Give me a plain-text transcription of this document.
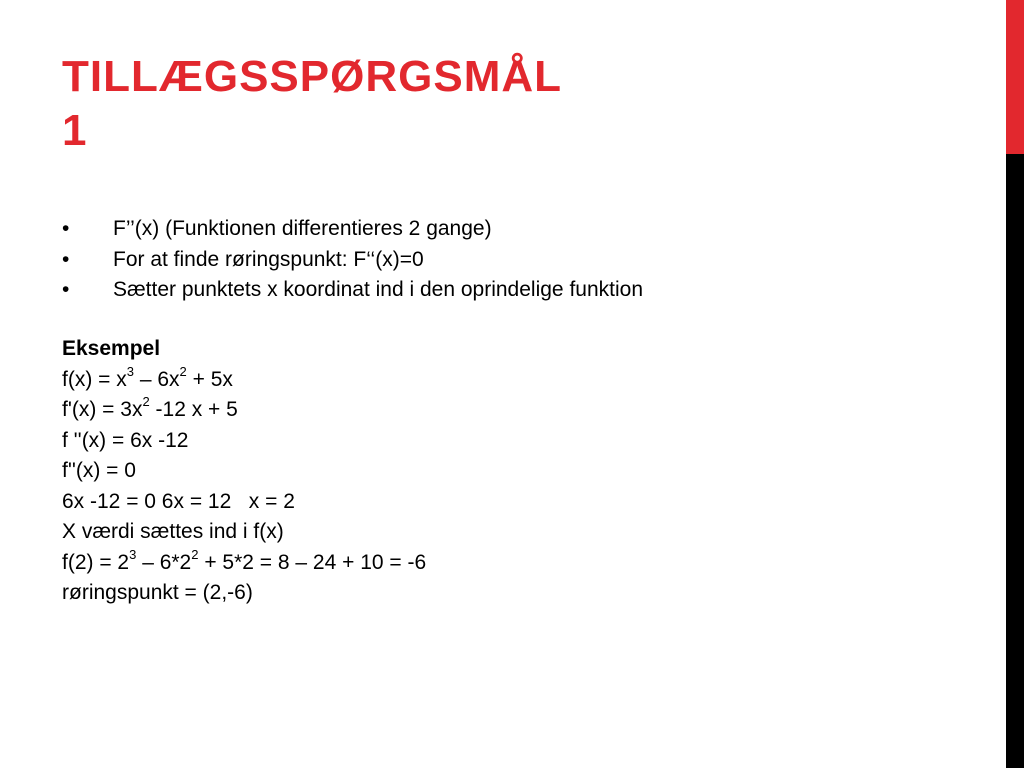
TILLÆGSSPØRGSMÅL
1
• F’’(x) (Funktionen differentieres 2 gange)
• For at finde røringspunkt: F‘‘(x)=0
• Sætter punktets x koordinat ind i den oprindelige funktion
Eksempel
$f(x) = x^3 - 6x^2 + 5x$
$f'(x) = 3x^2$ -12 x + 5
f ''(x) = 6x -12
f''(x) = 0
6x -12 = 0 6x = 12   x = 2
X værdi sættes ind i f(x)
$f(2) = 2^3 - 6*2^2 + 5*2 = 8 - 24 + 10 = -6$
røringspunkt = (2,-6)
